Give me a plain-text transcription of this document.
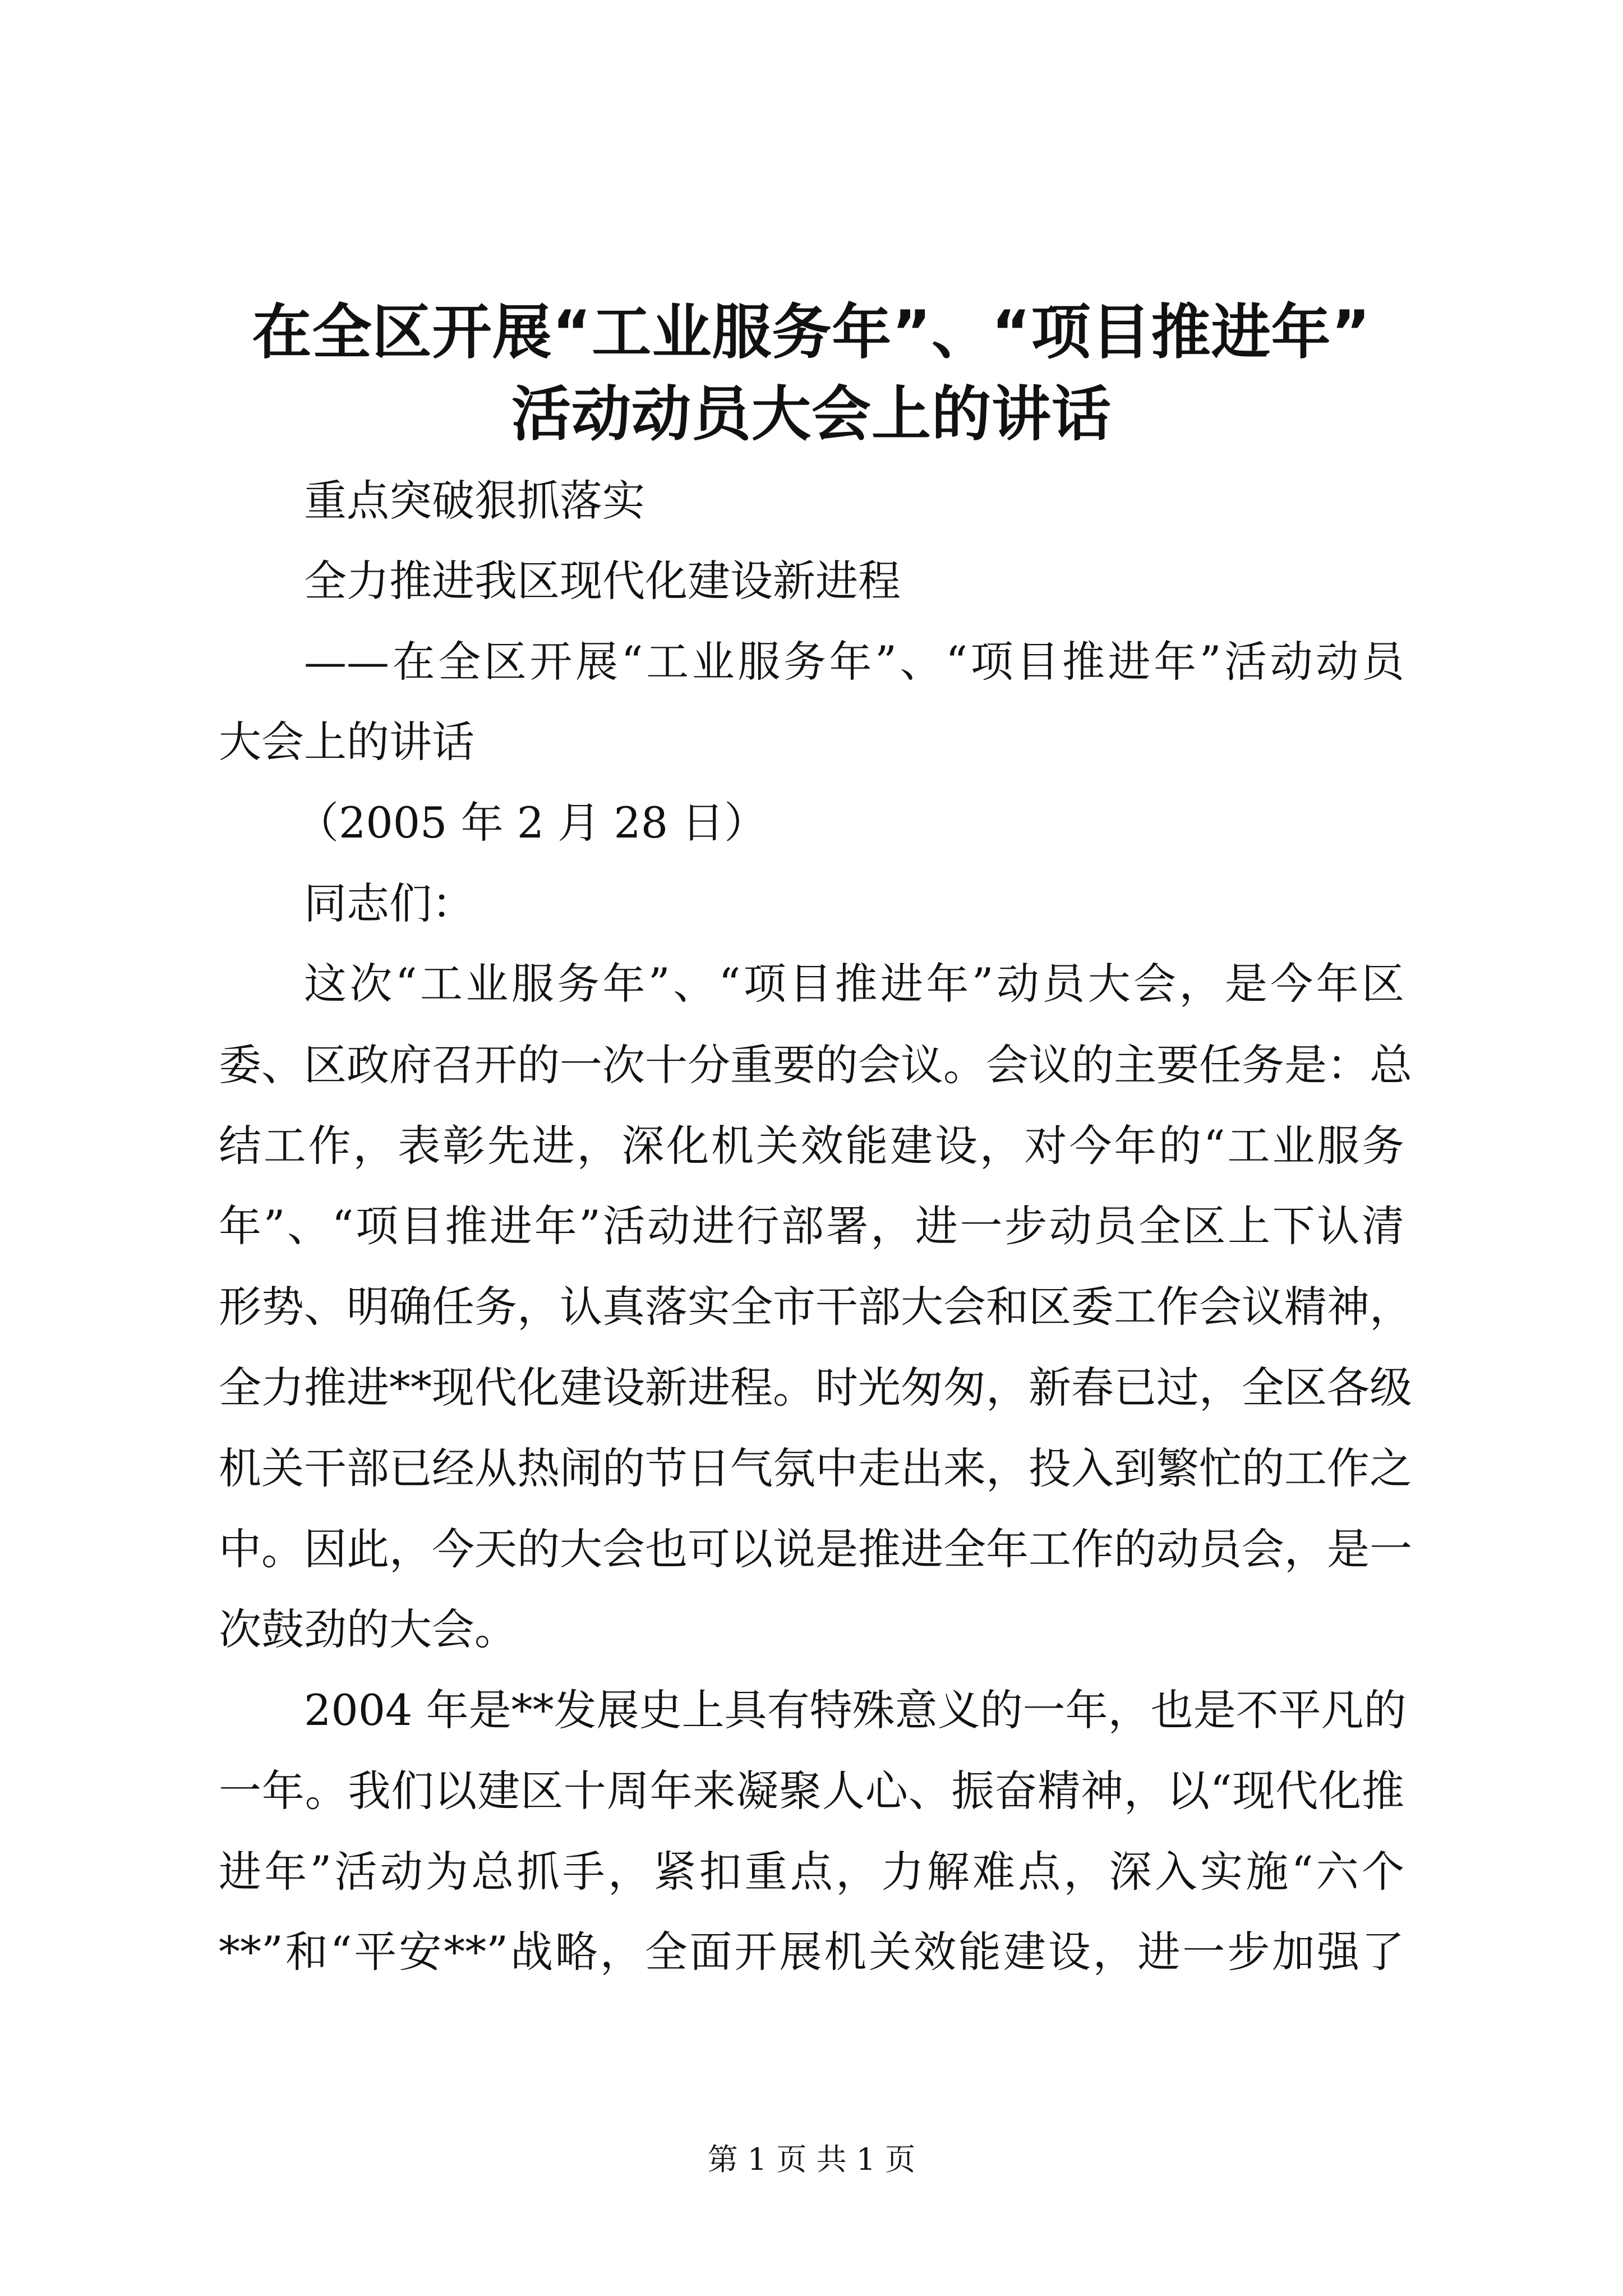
在全区开展“工业服务年”、“项目推进年”
活动动员大会上的讲话
重点突破狠抓落实
全力推进我区现代化建设新进程
——在全区开展“工业服务年”、“项目推进年”活动动员
大会上的讲话
（2005 年 2 月 28 日）
同志们：
这次“工业服务年”、“项目推进年”动员大会，是今年区
委、区政府召开的一次十分重要的会议。会议的主要任务是：总
结工作，表彰先进，深化机关效能建设，对今年的“工业服务
年”、“项目推进年”活动进行部署，进一步动员全区上下认清
形势、明确任务，认真落实全市干部大会和区委工作会议精神，
全力推进**现代化建设新进程。时光匆匆，新春已过，全区各级
机关干部已经从热闹的节日气氛中走出来，投入到繁忙的工作之
中。因此，今天的大会也可以说是推进全年工作的动员会，是一
次鼓劲的大会。
2004 年是**发展史上具有特殊意义的一年，也是不平凡的
一年。我们以建区十周年来凝聚人心、振奋精神，以“现代化推
进年”活动为总抓手，紧扣重点，力解难点，深入实施“六个
**”和“平安**”战略，全面开展机关效能建设，进一步加强了
第 1 页 共 1 页
